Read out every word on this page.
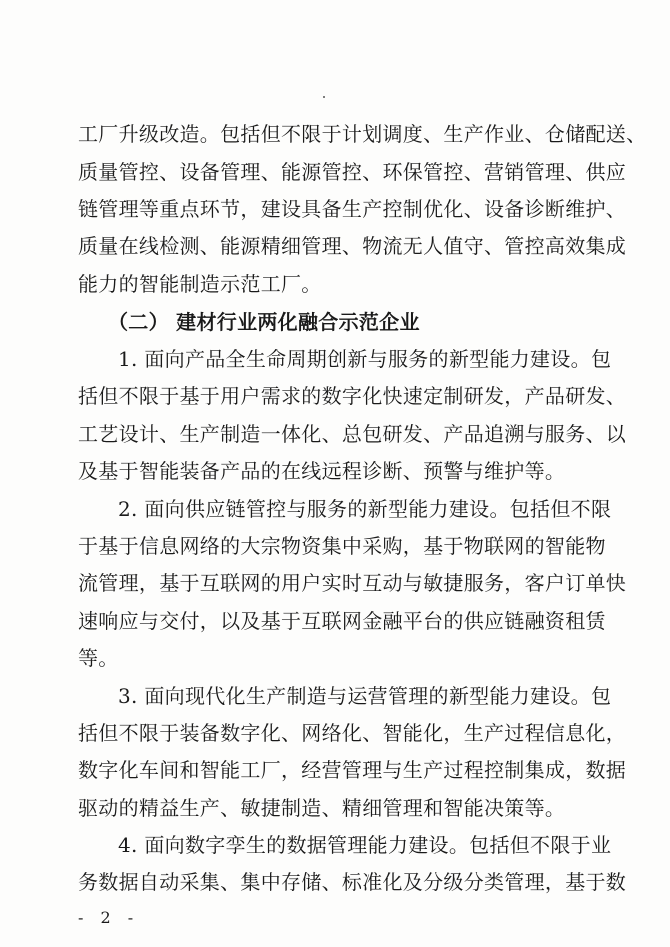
工厂升级改造。包括但不限于计划调度、生产作业、仓储配送、
质量管控、设备管理、能源管控、环保管控、营销管理、供应
链管理等重点环节，建设具备生产控制优化、设备诊断维护、
质量在线检测、能源精细管理、物流无人值守、管控高效集成
能力的智能制造示范工厂。
（二） 建材行业两化融合示范企业
1. 面向产品全生命周期创新与服务的新型能力建设。包
括但不限于基于用户需求的数字化快速定制研发，产品研发、
工艺设计、生产制造一体化、总包研发、产品追溯与服务、以
及基于智能装备产品的在线远程诊断、预警与维护等。
2. 面向供应链管控与服务的新型能力建设。包括但不限
于基于信息网络的大宗物资集中采购，基于物联网的智能物
流管理，基于互联网的用户实时互动与敏捷服务，客户订单快
速响应与交付，以及基于互联网金融平台的供应链融资租赁
等。
3. 面向现代化生产制造与运营管理的新型能力建设。包
括但不限于装备数字化、网络化、智能化，生产过程信息化，
数字化车间和智能工厂，经营管理与生产过程控制集成，数据
驱动的精益生产、敏捷制造、精细管理和智能决策等。
4. 面向数字孪生的数据管理能力建设。包括但不限于业
务数据自动采集、集中存储、标准化及分级分类管理，基于数
- 2 -
